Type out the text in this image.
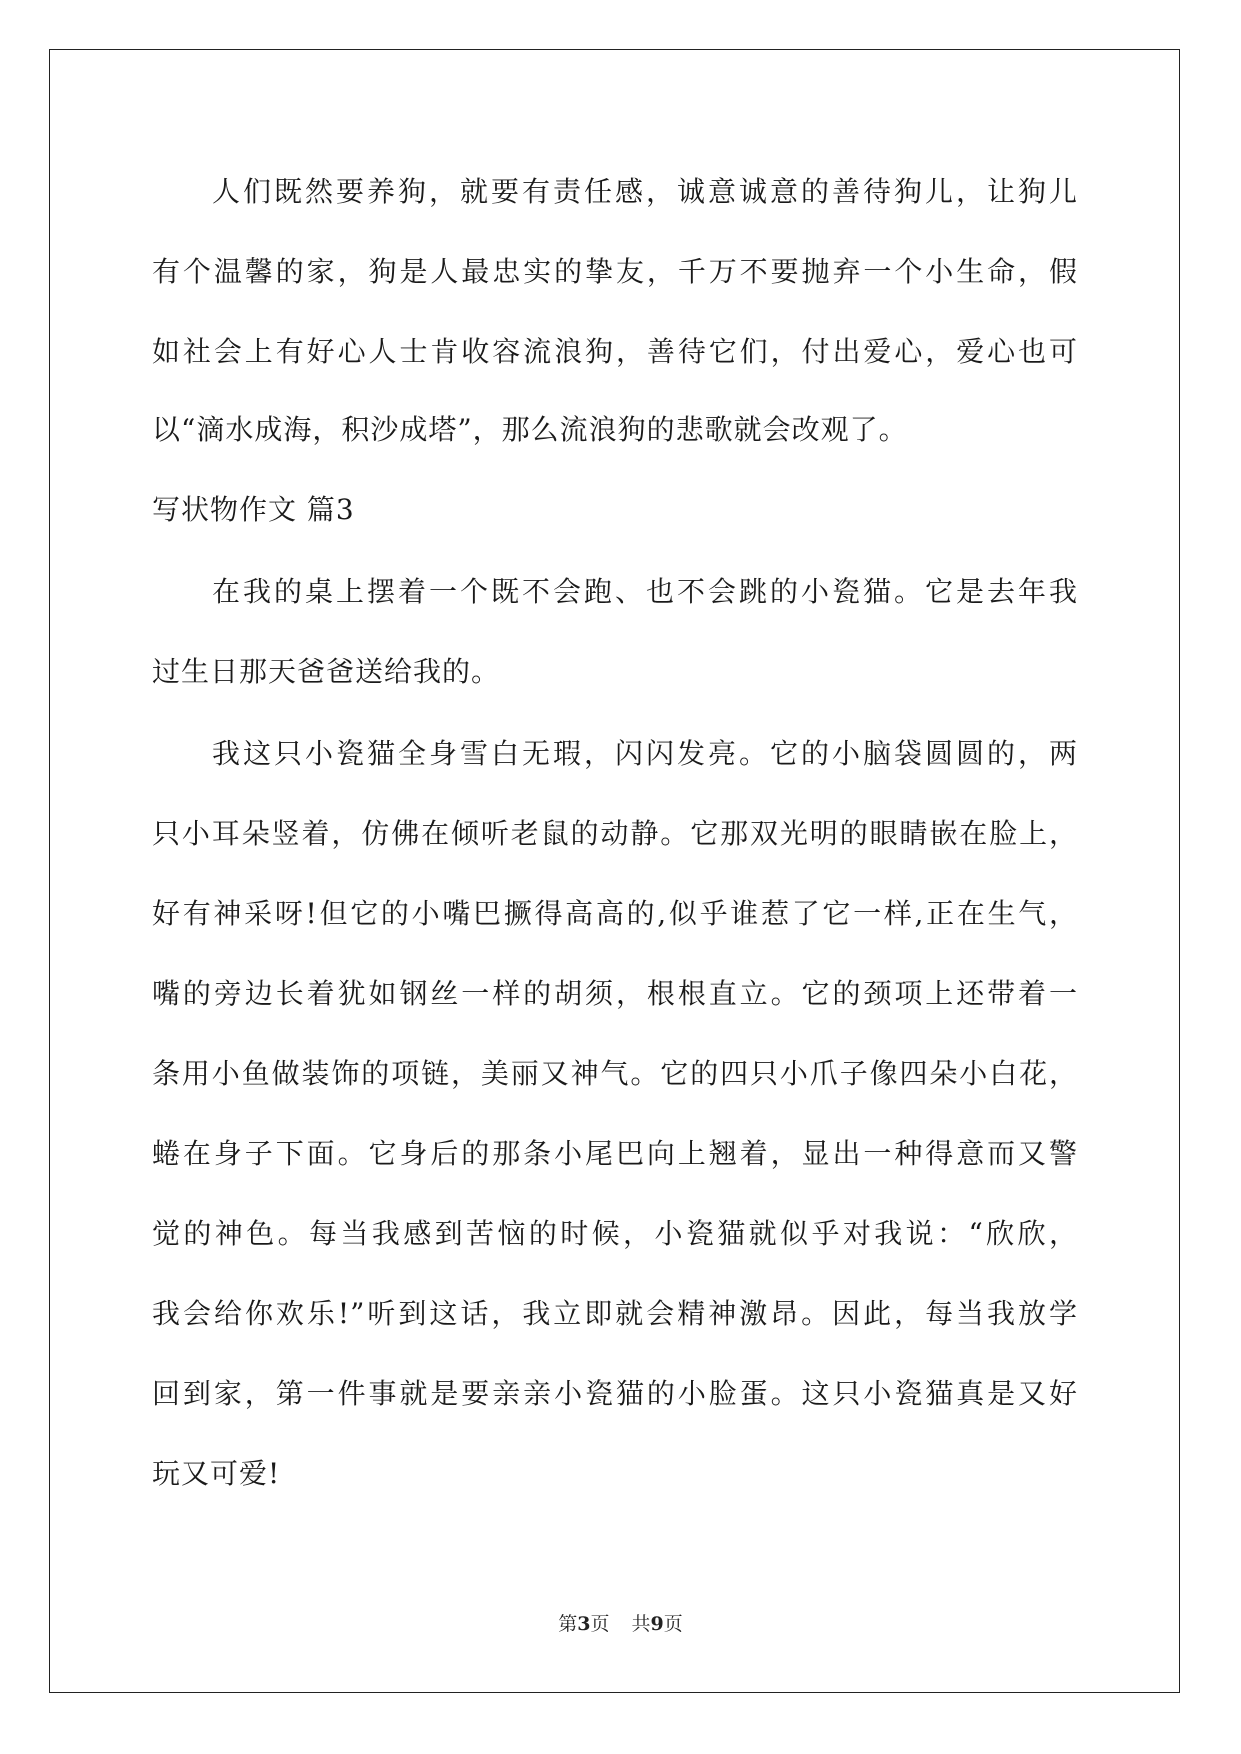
人们既然要养狗，就要有责任感，诚意诚意的善待狗儿，让狗儿
有个温馨的家，狗是人最忠实的挚友，千万不要抛弃一个小生命，假
如社会上有好心人士肯收容流浪狗，善待它们，付出爱心，爱心也可
以“滴水成海，积沙成塔”，那么流浪狗的悲歌就会改观了。
写状物作文 篇3
在我的桌上摆着一个既不会跑、也不会跳的小瓷猫。它是去年我
过生日那天爸爸送给我的。
我这只小瓷猫全身雪白无瑕，闪闪发亮。它的小脑袋圆圆的，两
只小耳朵竖着，仿佛在倾听老鼠的动静。它那双光明的眼睛嵌在脸上，
好有神采呀!但它的小嘴巴撅得高高的,似乎谁惹了它一样,正在生气，
嘴的旁边长着犹如钢丝一样的胡须，根根直立。它的颈项上还带着一
条用小鱼做装饰的项链，美丽又神气。它的四只小爪子像四朵小白花，
蜷在身子下面。它身后的那条小尾巴向上翘着，显出一种得意而又警
觉的神色。每当我感到苦恼的时候，小瓷猫就似乎对我说：“欣欣，
我会给你欢乐!”听到这话，我立即就会精神激昂。因此，每当我放学
回到家，第一件事就是要亲亲小瓷猫的小脸蛋。这只小瓷猫真是又好
玩又可爱!
第3页 共9页
